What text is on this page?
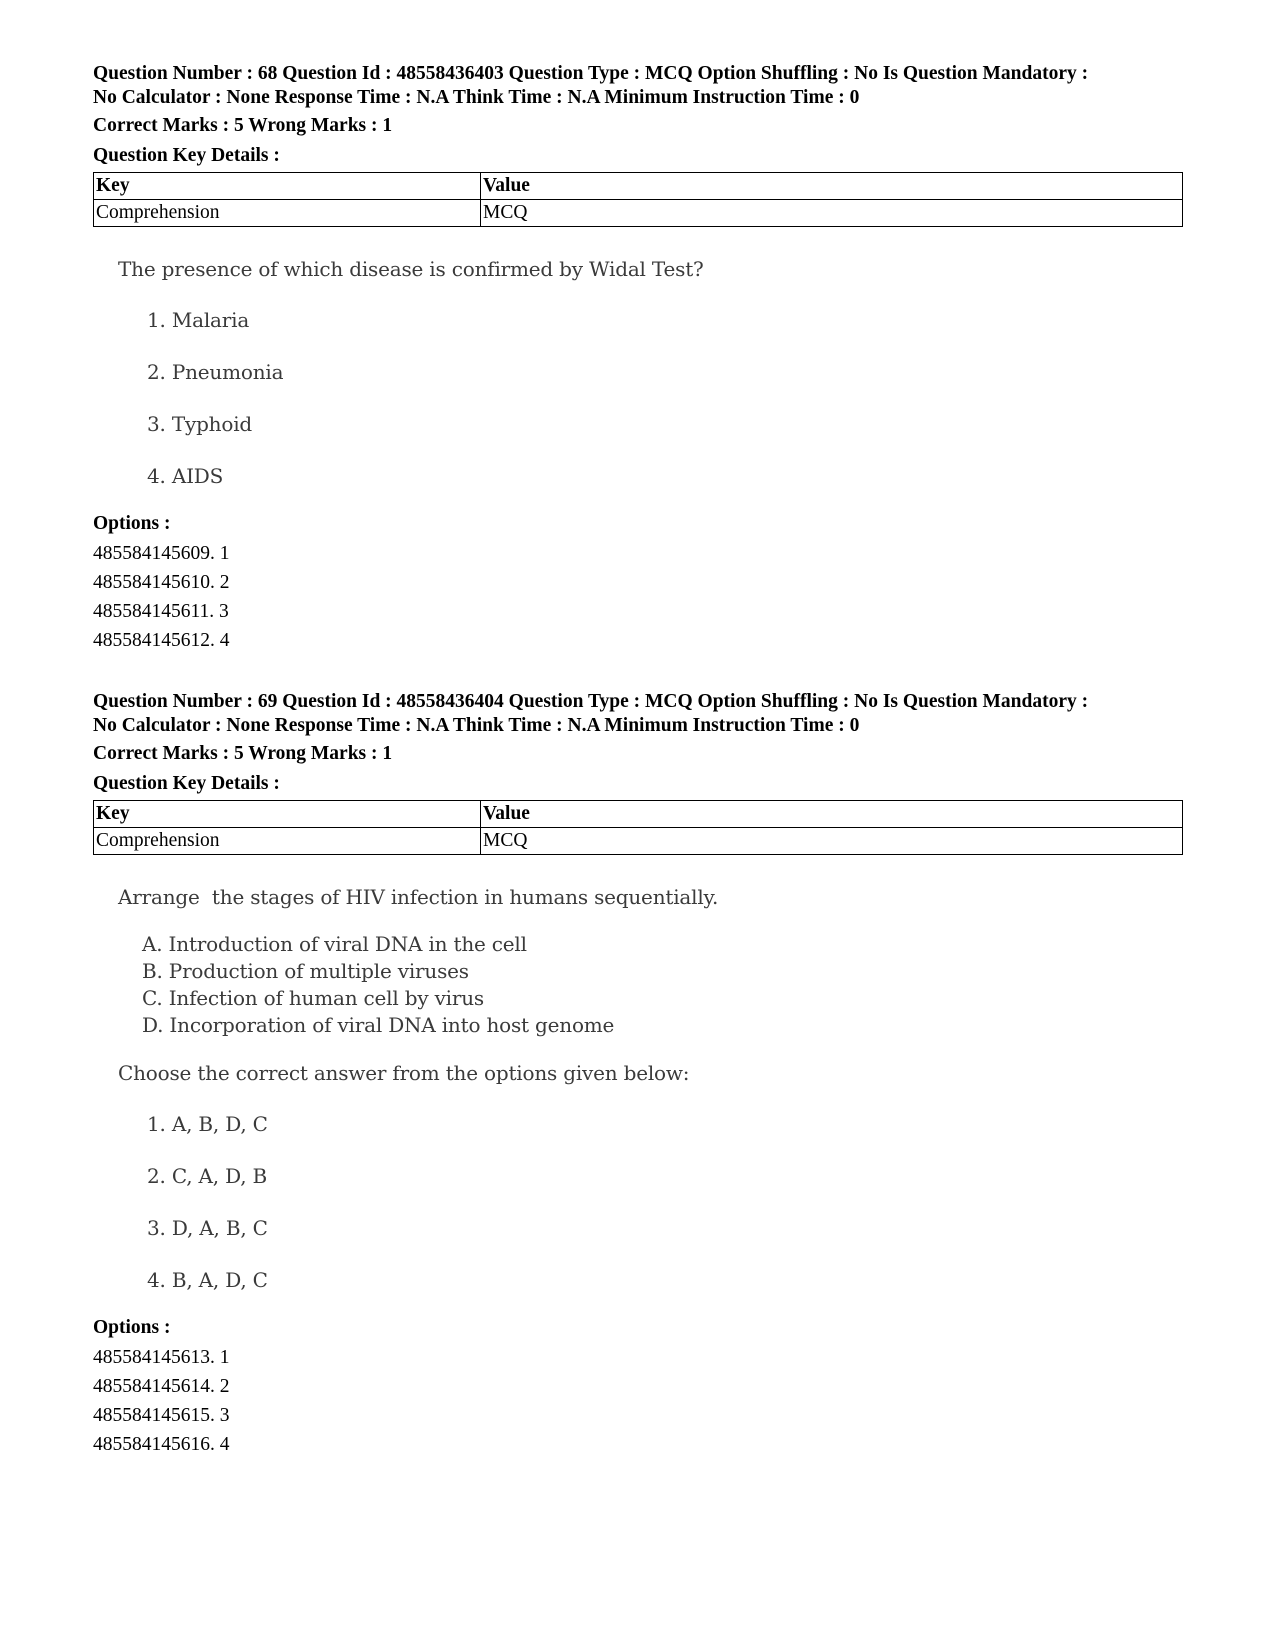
Question Number : 68 Question Id : 48558436403 Question Type : MCQ Option Shuffling : No Is Question Mandatory :
No Calculator : None Response Time : N.A Think Time : N.A Minimum Instruction Time : 0
Correct Marks : 5 Wrong Marks : 1
Question Key Details :
Key	Value
Comprehension	MCQ
The presence of which disease is confirmed by Widal Test?
1. Malaria
2. Pneumonia
3. Typhoid
4. AIDS
Options :
485584145609. 1
485584145610. 2
485584145611. 3
485584145612. 4
Question Number : 69 Question Id : 48558436404 Question Type : MCQ Option Shuffling : No Is Question Mandatory :
No Calculator : None Response Time : N.A Think Time : N.A Minimum Instruction Time : 0
Correct Marks : 5 Wrong Marks : 1
Question Key Details :
Key	Value
Comprehension	MCQ
Arrange  the stages of HIV infection in humans sequentially.
A. Introduction of viral DNA in the cell
B. Production of multiple viruses
C. Infection of human cell by virus
D. Incorporation of viral DNA into host genome
Choose the correct answer from the options given below:
1. A, B, D, C
2. C, A, D, B
3. D, A, B, C
4. B, A, D, C
Options :
485584145613. 1
485584145614. 2
485584145615. 3
485584145616. 4
